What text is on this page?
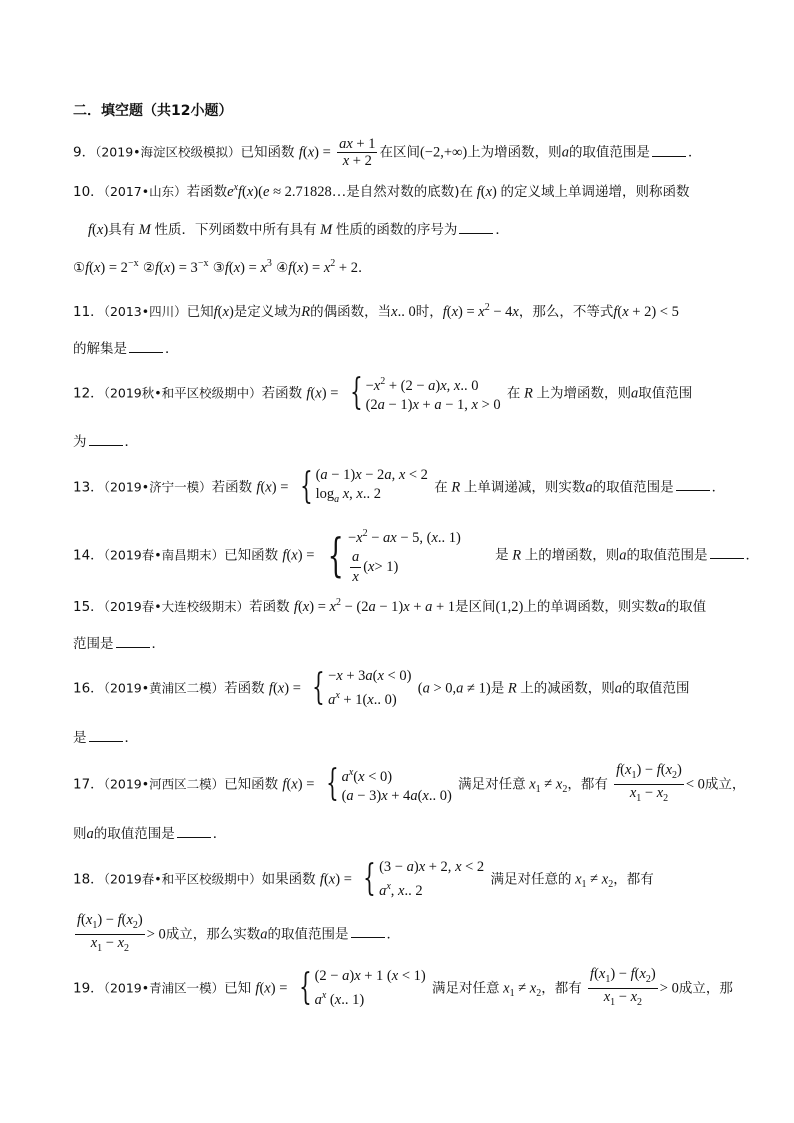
二．填空题（共12小题）
9．（2019•海淀区校级模拟）已知函数 $f(x) = \frac{ax + 1}{x + 2}$ 在区间(−2,+∞)上为增函数，则a的取值范围是	．
10．（2017•山东）若函数$e^xf(x)(e$ ≈ 2.71828…是自然对数的底数)在 f(x) 的定义域上单调递增，则称函数
f(x)具有 M 性质．下列函数中所有具有 M 性质的函数的序号为	．
①f(x) = $2^{-x}$ ②f(x) = $3^{-x}$ ③f(x) = $x^3$ ④f(x) = $x^2 + 2$．
11．（2013•四川）已知f(x)是定义域为R的偶函数，当x.. 0时，$f(x) = x^2 - 4x$，那么，不等式f(x + 2) < 5
的解集是	．
12．（2019秋•和平区校级期中）若函数 f(x) = { $-x^2 + (2 - a)x$, x.. 0
(2a − 1)x + a − 1, x > 0
在 R 上为增函数，则a取值范围
为	．
13．（2019•济宁一模）若函数 f(x) = { (a − 1)x − 2a, x < 2
$\log_a x$, x.. 2	在 R 上单调递减，则实数a的取值范围是	．
14．（2019春•南昌期末）已知函数 f(x) = { $-x^2$ − ax − 5, (x.. 1)
$\frac{a}{x}$ ( x > 1)
是 R 上的增函数，则a的取值范围是	．
15．（2019春•大连校级期末）若函数 $f(x) = x^2 - (2a - 1)x + a + 1$是区间(1,2)上的单调函数，则实数a的取值
范围是	．
16．（2019•黄浦区二模）若函数 f(x) = { −x + 3a(x < 0)
$a^x + 1(x$.. 0)
(a > 0,a ≠ 1)是 R 上的减函数，则a的取值范围
是	．
17．（2019•河西区二模）已知函数 f(x) = { $a^x(x < 0)$
(a − 3)x + 4a(x.. 0)
满足对任意 $x_1 \ne x_2$，都有 $\frac{f(x_1) - f(x_2)}{x_1 - x_2} < 0$成立，
则a的取值范围是	．
18．（2019春•和平区校级期中）如果函数 f(x) = { (3 − a)x + 2, x < 2
$a^x$, x.. 2
满足对任意的 $x_1 \ne x_2$，都有
$\frac{f(x_1) - f(x_2)}{x_1 - x_2} > 0$成立，那么实数a的取值范围是	．
19．（2019•青浦区一模）已知 f(x) = { (2 − a)x + 1 (x < 1)
$a^x$ (x.. 1)
满足对任意 $x_1 \ne x_2$，都有 $\frac{f(x_1) - f(x_2)}{x_1 - x_2} > 0$成立，那
